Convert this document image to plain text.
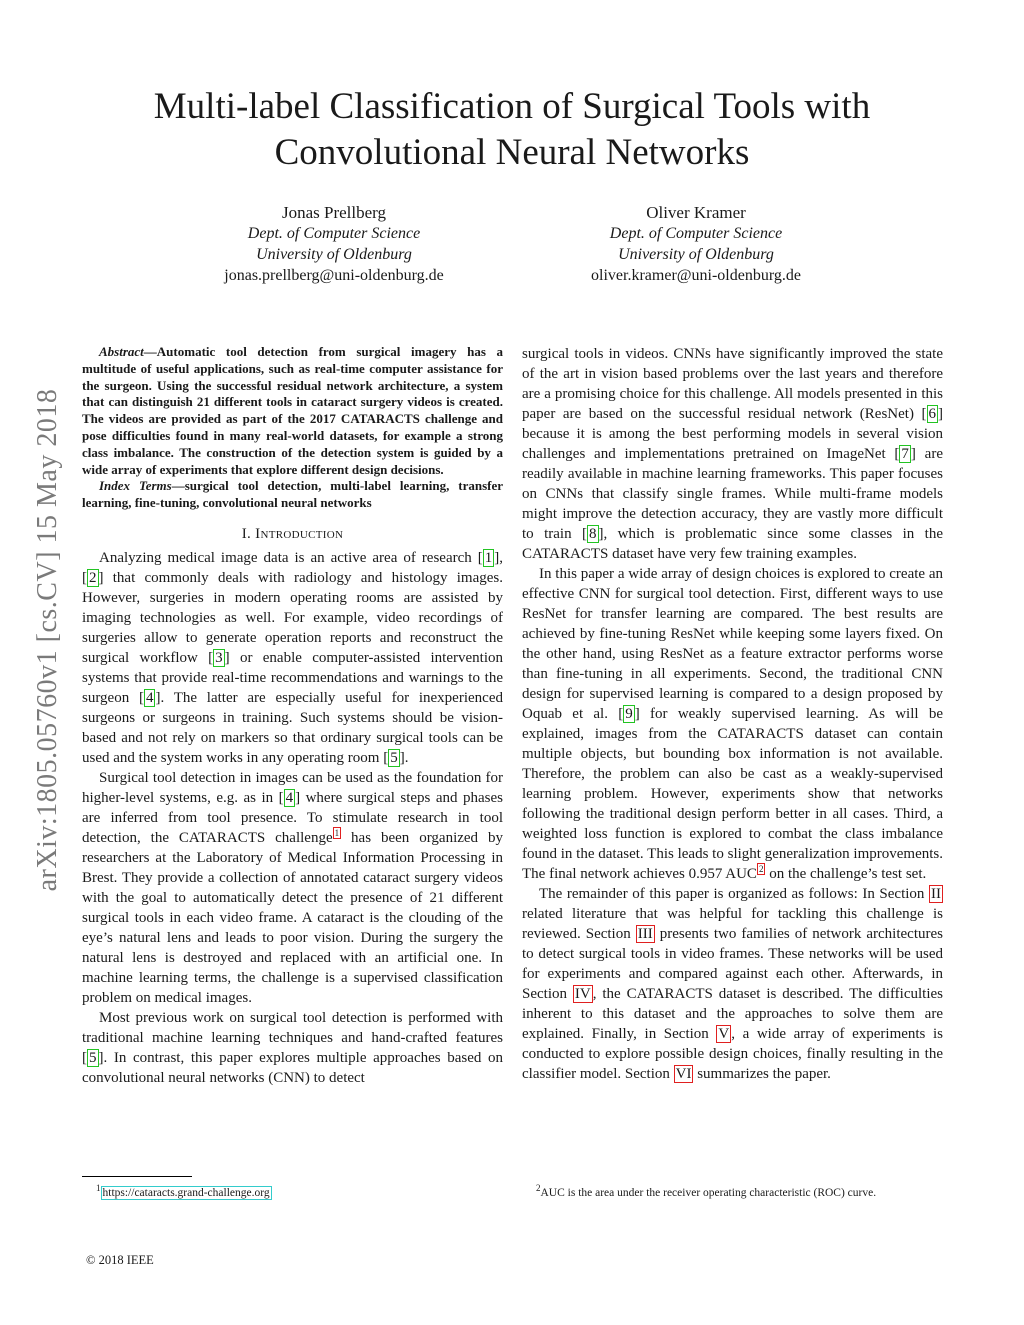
Multi-label Classification of Surgical Tools with
Convolutional Neural Networks
Jonas Prellberg
Dept. of Computer Science
University of Oldenburg
jonas.prellberg@uni-oldenburg.de
Oliver Kramer
Dept. of Computer Science
University of Oldenburg
oliver.kramer@uni-oldenburg.de
arXiv:1805.05760v1 [cs.CV] 15 May 2018

Abstract—Automatic tool detection from surgical imagery has a multitude of useful applications, such as real-time computer assistance for the surgeon. Using the successful residual network architecture, a system that can distinguish 21 different tools in cataract surgery videos is created. The videos are provided as part of the 2017 CATARACTS challenge and pose difficulties found in many real-world datasets, for example a strong class imbalance. The construction of the detection system is guided by a wide array of experiments that explore different design decisions.

Index Terms—surgical tool detection, multi-label learning, transfer learning, fine-tuning, convolutional neural networks

I. Introduction

Analyzing medical image data is an active area of research [ 1 ], [ 2 ] that commonly deals with radiology and histology images. However, surgeries in modern operating rooms are assisted by imaging technologies as well. For example, video recordings of surgeries allow to generate operation reports and reconstruct the surgical workflow [ 3 ] or enable computer-assisted intervention systems that provide real-time recommendations and warnings to the surgeon [ 4 ]. The latter are especially useful for inexperienced surgeons or surgeons in training. Such systems should be vision-based and not rely on markers so that ordinary surgical tools can be used and the system works in any operating room [ 5 ].

Surgical tool detection in images can be used as the foundation for higher-level systems, e.g. as in [ 4 ] where surgical steps and phases are inferred from tool presence. To stimulate research in tool detection, the CATARACTS challenge $^1$ has been organized by researchers at the Laboratory of Medical Information Processing in Brest. They provide a collection of annotated cataract surgery videos with the goal to automatically detect the presence of 21 different surgical tools in each video frame. A cataract is the clouding of the eye’s natural lens and leads to poor vision. During the surgery the natural lens is destroyed and replaced with an artificial one. In machine learning terms, the challenge is a supervised classification problem on medical images.

Most previous work on surgical tool detection is performed with traditional machine learning techniques and hand-crafted features [ 5 ]. In contrast, this paper explores multiple approaches based on convolutional neural networks (CNN) to detect

surgical tools in videos. CNNs have significantly improved the state of the art in vision based problems over the last years and therefore are a promising choice for this challenge. All models presented in this paper are based on the successful residual network (ResNet) [ 6 ] because it is among the best performing models in several vision challenges and implementations pretrained on ImageNet [ 7 ] are readily available in machine learning frameworks. This paper focuses on CNNs that classify single frames. While multi-frame models might improve the detection accuracy, they are vastly more difficult to train [ 8 ], which is problematic since some classes in the CATARACTS dataset have very few training examples.

In this paper a wide array of design choices is explored to create an effective CNN for surgical tool detection. First, different ways to use ResNet for transfer learning are compared. The best results are achieved by fine-tuning ResNet while keeping some layers fixed. On the other hand, using ResNet as a feature extractor performs worse than fine-tuning in all experiments. Second, the traditional CNN design for supervised learning is compared to a design proposed by Oquab et al. [ 9 ] for weakly supervised learning. As will be explained, images from the CATARACTS dataset can contain multiple objects, but bounding box information is not available. Therefore, the problem can also be cast as a weakly-supervised learning problem. However, experiments show that networks following the traditional design perform better in all cases. Third, a weighted loss function is explored to combat the class imbalance found in the dataset. This leads to slight generalization improvements. The final network achieves 0.957 AUC $^2$ on the challenge’s test set.

The remainder of this paper is organized as follows: In Section II related literature that was helpful for tackling this challenge is reviewed. Section III presents two families of network architectures to detect surgical tools in video frames. These networks will be used for experiments and compared against each other. Afterwards, in Section IV , the CATARACTS dataset is described. The difficulties inherent to this dataset and the approaches to solve them are explained. Finally, in Section V , a wide array of experiments is conducted to explore possible design choices, finally resulting in the classifier model. Section VI summarizes the paper.

$^1$ https://cataracts.grand-challenge.org	$^2$AUC is the area under the receiver operating characteristic (ROC) curve.
© 2018 IEEE
